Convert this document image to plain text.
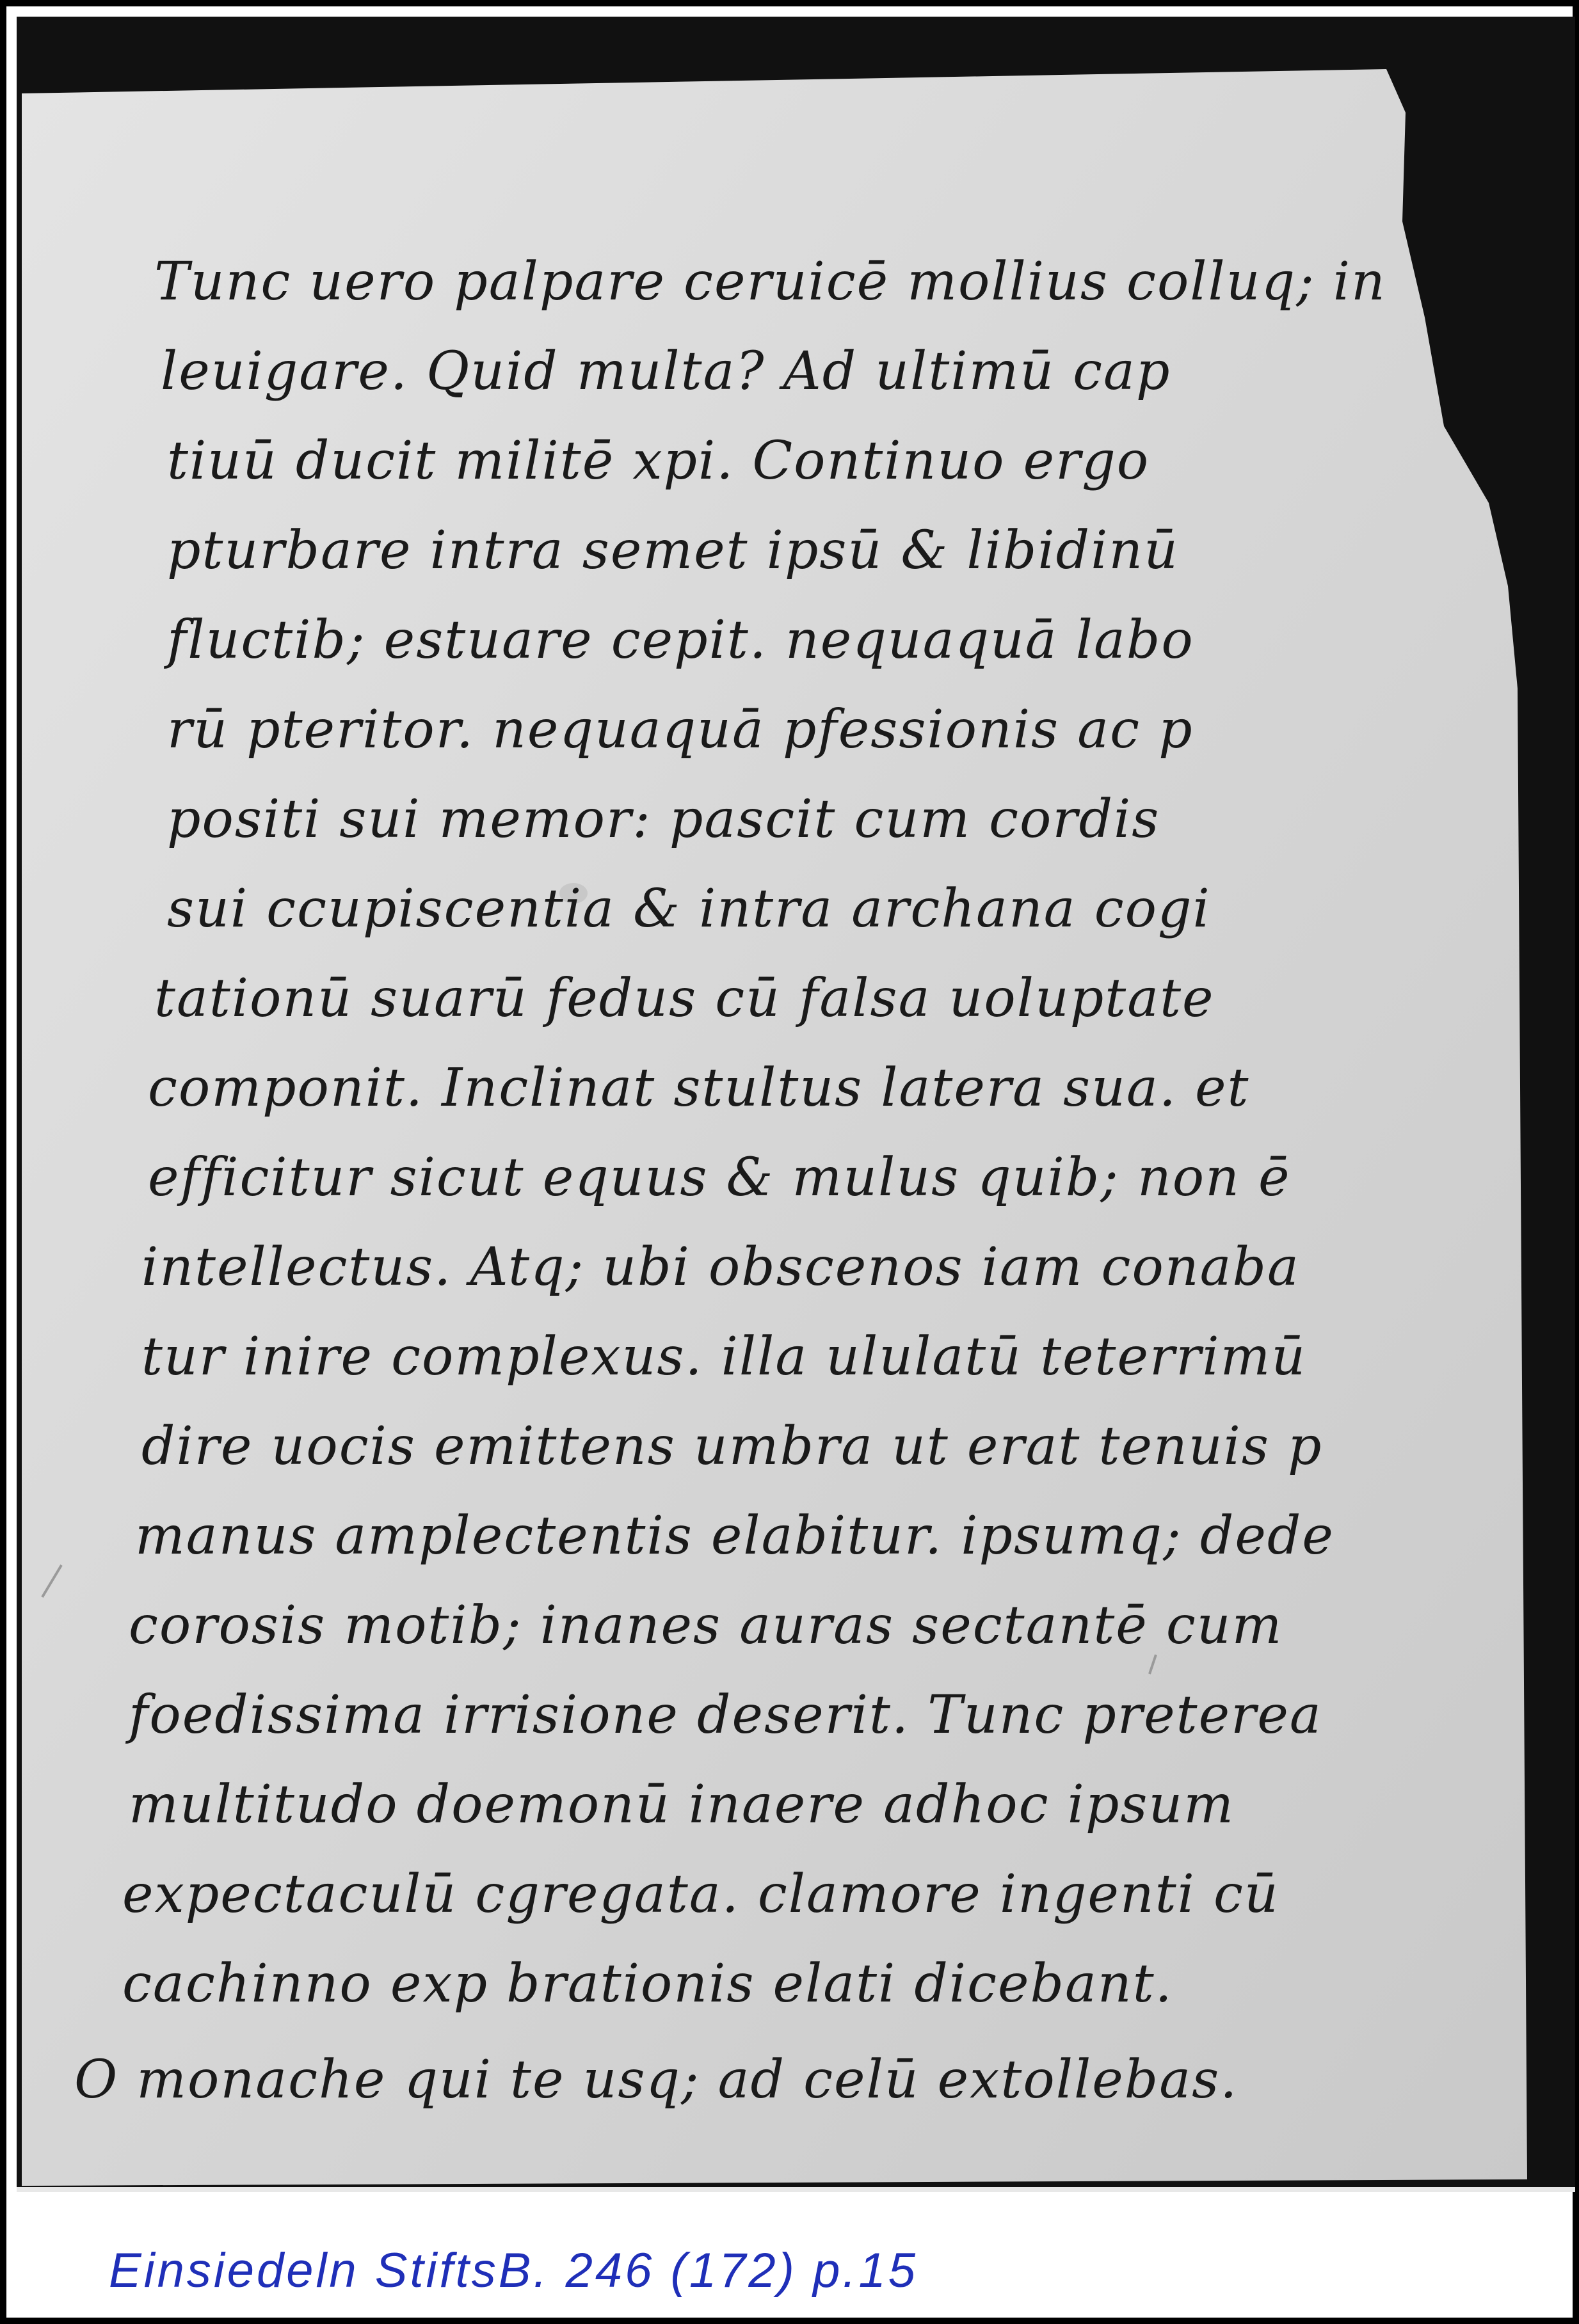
Tunc uero palpare ceruicē mollius colluq; in
leuigare. Quid multa? Ad ultimū cap
tiuū ducit militē xpi. Continuo ergo
pturbare intra semet ipsū & libidinū
fluctib; estuare cepit. nequaquā labo
rū pteritor. nequaquā pfessionis ac p
positi sui memor: pascit cum cordis
sui ccupiscentia & intra archana cogi
tationū suarū fedus cū falsa uoluptate
componit. Inclinat stultus latera sua. et
efficitur sicut equus & mulus quib; non ē
intellectus. Atq; ubi obscenos iam conaba
tur inire complexus. illa ululatū teterrimū
dire uocis emittens umbra ut erat tenuis p
manus amplectentis elabitur. ipsumq; dede
corosis motib; inanes auras sectantē cum
foedissima irrisione deserit. Tunc preterea
multitudo doemonū inaere adhoc ipsum
expectaculū cgregata. clamore ingenti cū
cachinno exp brationis elati dicebant.
O monache qui te usq; ad celū extollebas.
Einsiedeln StiftsB. 246 (172) p.15
